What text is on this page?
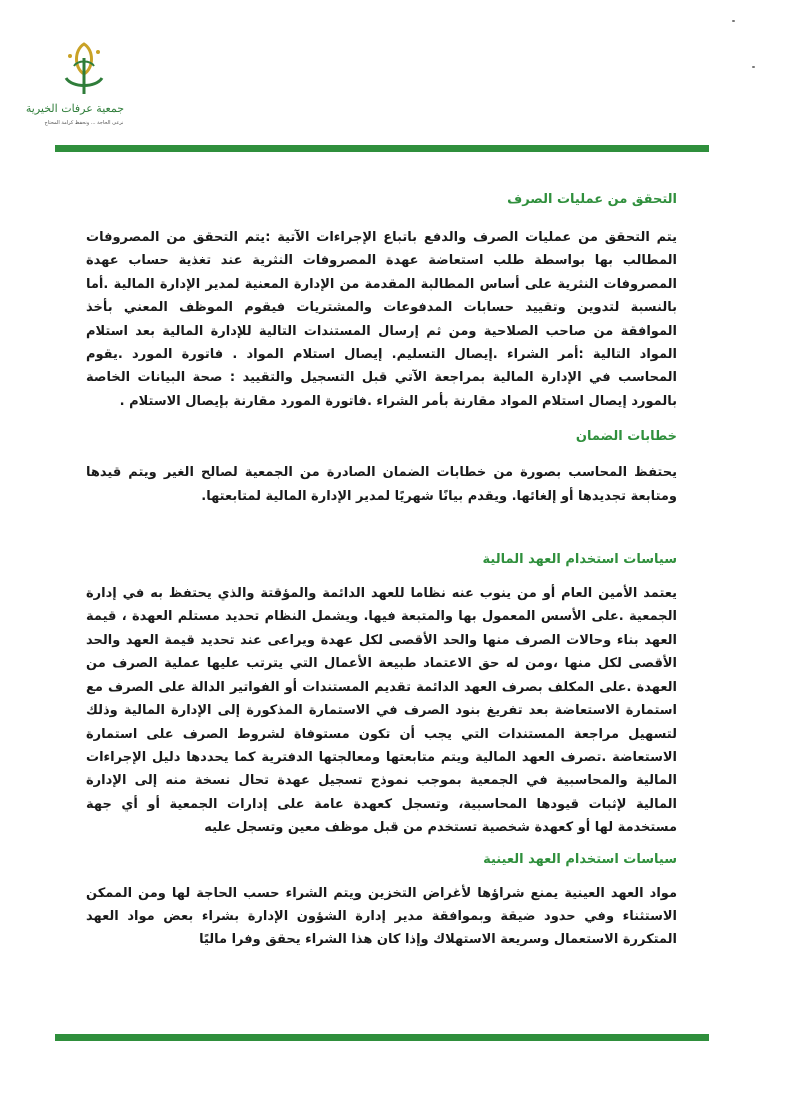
جمعية عرفات الخيرية
نرعى الحاجة ... ونحفظ كرامة المحتاج
التحقق من عمليات الصرف

يتم التحقق من عمليات الصرف والدفع باتباع الإجراءات الآتية :يتم التحقق من المصروفات المطالب بها بواسطة طلب استعاضة عهدة المصروفات النثرية عند تغذية حساب عهدة المصروفات النثرية على أساس المطالبة المقدمة من الإدارة المعنية لمدير الإدارة المالية .أما بالنسبة لتدوين وتقييد حسابات المدفوعات والمشتريات فيقوم الموظف المعني بأخذ الموافقة من صاحب الصلاحية ومن ثم إرسال المستندات التالية للإدارة المالية بعد استلام المواد التالية :أمر الشراء .إيصال التسليم. إيصال استلام المواد . فاتورة المورد .يقوم المحاسب في الإدارة المالية بمراجعة الآتي قبل التسجيل والتقييد : صحة البيانات الخاصة بالمورد إيصال استلام المواد مقارنة بأمر الشراء .فاتورة المورد مقارنة بإيصال الاستلام .

خطابات الضمان

يحتفظ المحاسب بصورة من خطابات الضمان الصادرة من الجمعية لصالح الغير ويتم قيدها ومتابعة تجديدها أو إلغائها. ويقدم بيانًا شهريًا لمدير الإدارة المالية لمتابعتها.

سياسات استخدام العهد المالية

يعتمد الأمين العام أو من ينوب عنه نظاما للعهد الدائمة والمؤقتة والذي يحتفظ به في إدارة الجمعية .على الأسس المعمول بها والمتبعة فيها. ويشمل النظام تحديد مستلم العهدة ، قيمة العهد بناء وحالات الصرف منها والحد الأقصى لكل عهدة ويراعى عند تحديد قيمة العهد والحد الأقصى لكل منها ،ومن له حق الاعتماد طبيعة الأعمال التي يترتب عليها عملية الصرف من العهدة .على المكلف بصرف العهد الدائمة تقديم المستندات أو الفواتير الدالة على الصرف مع استمارة الاستعاضة بعد تفريغ بنود الصرف في الاستمارة المذكورة إلى الإدارة المالية وذلك لتسهيل مراجعة المستندات التي يجب أن تكون مستوفاة لشروط الصرف على استمارة الاستعاضة .تصرف العهد المالية ويتم متابعتها ومعالجتها الدفترية كما يحددها دليل الإجراءات المالية والمحاسبية في الجمعية بموجب نموذج تسجيل عهدة تحال نسخة منه إلى الإدارة المالية لإثبات قيودها المحاسبية، وتسجل كعهدة عامة على إدارات الجمعية أو أي جهة مستخدمة لها أو كعهدة شخصية تستخدم من قبل موظف معين وتسجل عليه

سياسات استخدام العهد العينية

مواد العهد العينية يمنع شراؤها لأغراض التخزين ويتم الشراء حسب الحاجة لها ومن الممكن الاستثناء وفي حدود ضيقة وبموافقة مدير إدارة الشؤون الإدارة بشراء بعض مواد العهد المتكررة الاستعمال وسريعة الاستهلاك وإذا كان هذا الشراء يحقق وفرا ماليًا
